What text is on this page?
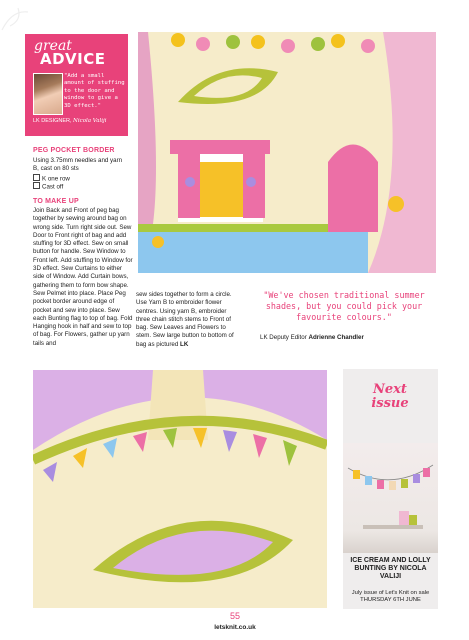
great
ADVICE
"Add a small amount of stuffing to the door and window to give a 3D effect."
LK DESIGNER, Nicola Valiji
PEG POCKET BORDER
Using 3.75mm needles and yarn B, cast on 80 sts
K one row
Cast off
TO MAKE UP
Join Back and Front of peg bag together by sewing around bag on wrong side. Turn right side out. Sew Door to Front right of bag and add stuffing for 3D effect. Sew on small button for handle. Sew Window to Front left. Add stuffing to Window for 3D effect. Sew Curtains to either side of Window. Add Curtain bows, gathering them to form bow shape. Sew Pelmet into place. Place Peg pocket border around edge of pocket and sew into place. Sew each Bunting flag to top of bag. Fold Hanging hook in half and sew to top of bag. For Flowers, gather up yarn tails and
sew sides together to form a circle. Use Yarn B to embroider flower centres. Using yarn B, embroider three chain stitch stems to Front of bag. Sew Leaves and Flowers to stem. Sew large button to bottom of bag as pictured LK
"We've chosen traditional summer shades, but you could pick your favourite colours."
LK Deputy Editor Adrienne Chandler
Next
issue
ICE CREAM AND LOLLY BUNTING BY NICOLA VALIJI
July issue of Let's Knit on sale
THURSDAY 6TH JUNE
55
letsknit.co.uk
